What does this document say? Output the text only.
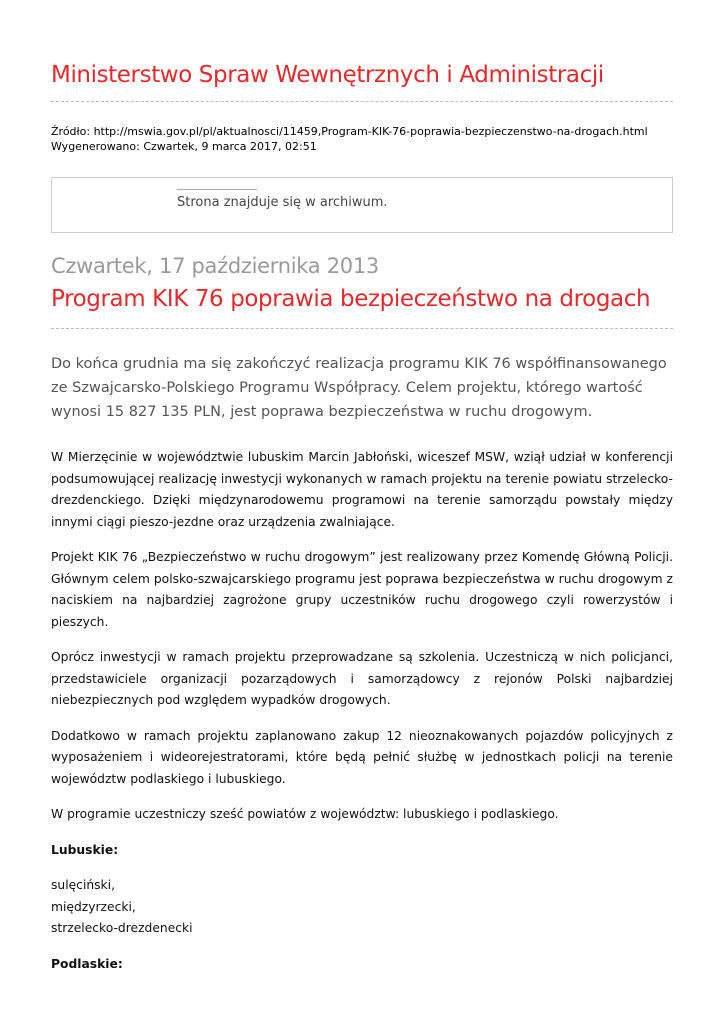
Ministerstwo Spraw Wewnętrznych i Administracji
Źródło: http://mswia.gov.pl/pl/aktualnosci/11459,Program-KIK-76-poprawia-bezpieczenstwo-na-drogach.html
Wygenerowano: Czwartek, 9 marca 2017, 02:51
Strona znajduje się w archiwum.
Czwartek, 17 października 2013
Program KIK 76 poprawia bezpieczeństwo na drogach

Do końca grudnia ma się zakończyć realizacja programu KIK 76 współfinansowanego ze Szwajcarsko-Polskiego Programu Współpracy. Celem projektu, którego wartość wynosi 15 827 135 PLN, jest poprawa bezpieczeństwa w ruchu drogowym.

W Mierzęcinie w województwie lubuskim Marcin Jabłoński, wiceszef MSW, wziął udział w konferencji podsumowującej realizację inwestycji wykonanych w ramach projektu na terenie powiatu strzelecko-drezdenckiego. Dzięki międzynarodowemu programowi na terenie samorządu powstały między innymi ciągi pieszo-jezdne oraz urządzenia zwalniające.

Projekt KIK 76 „Bezpieczeństwo w ruchu drogowym” jest realizowany przez Komendę Główną Policji. Głównym celem polsko-szwajcarskiego programu jest poprawa bezpieczeństwa w ruchu drogowym z naciskiem na najbardziej zagrożone grupy uczestników ruchu drogowego czyli rowerzystów i pieszych.

Oprócz inwestycji w ramach projektu przeprowadzane są szkolenia. Uczestniczą w nich policjanci, przedstawiciele organizacji pozarządowych i samorządowcy z rejonów Polski najbardziej niebezpiecznych pod względem wypadków drogowych.

Dodatkowo w ramach projektu zaplanowano zakup 12 nieoznakowanych pojazdów policyjnych z wyposażeniem i wideorejestratorami, które będą pełnić służbę w jednostkach policji na terenie województw podlaskiego i lubuskiego.

W programie uczestniczy sześć powiatów z województw: lubuskiego i podlaskiego.

Lubuskie:
sulęciński,
międzyrzecki,
strzelecko-drezdenecki
Podlaskie:
